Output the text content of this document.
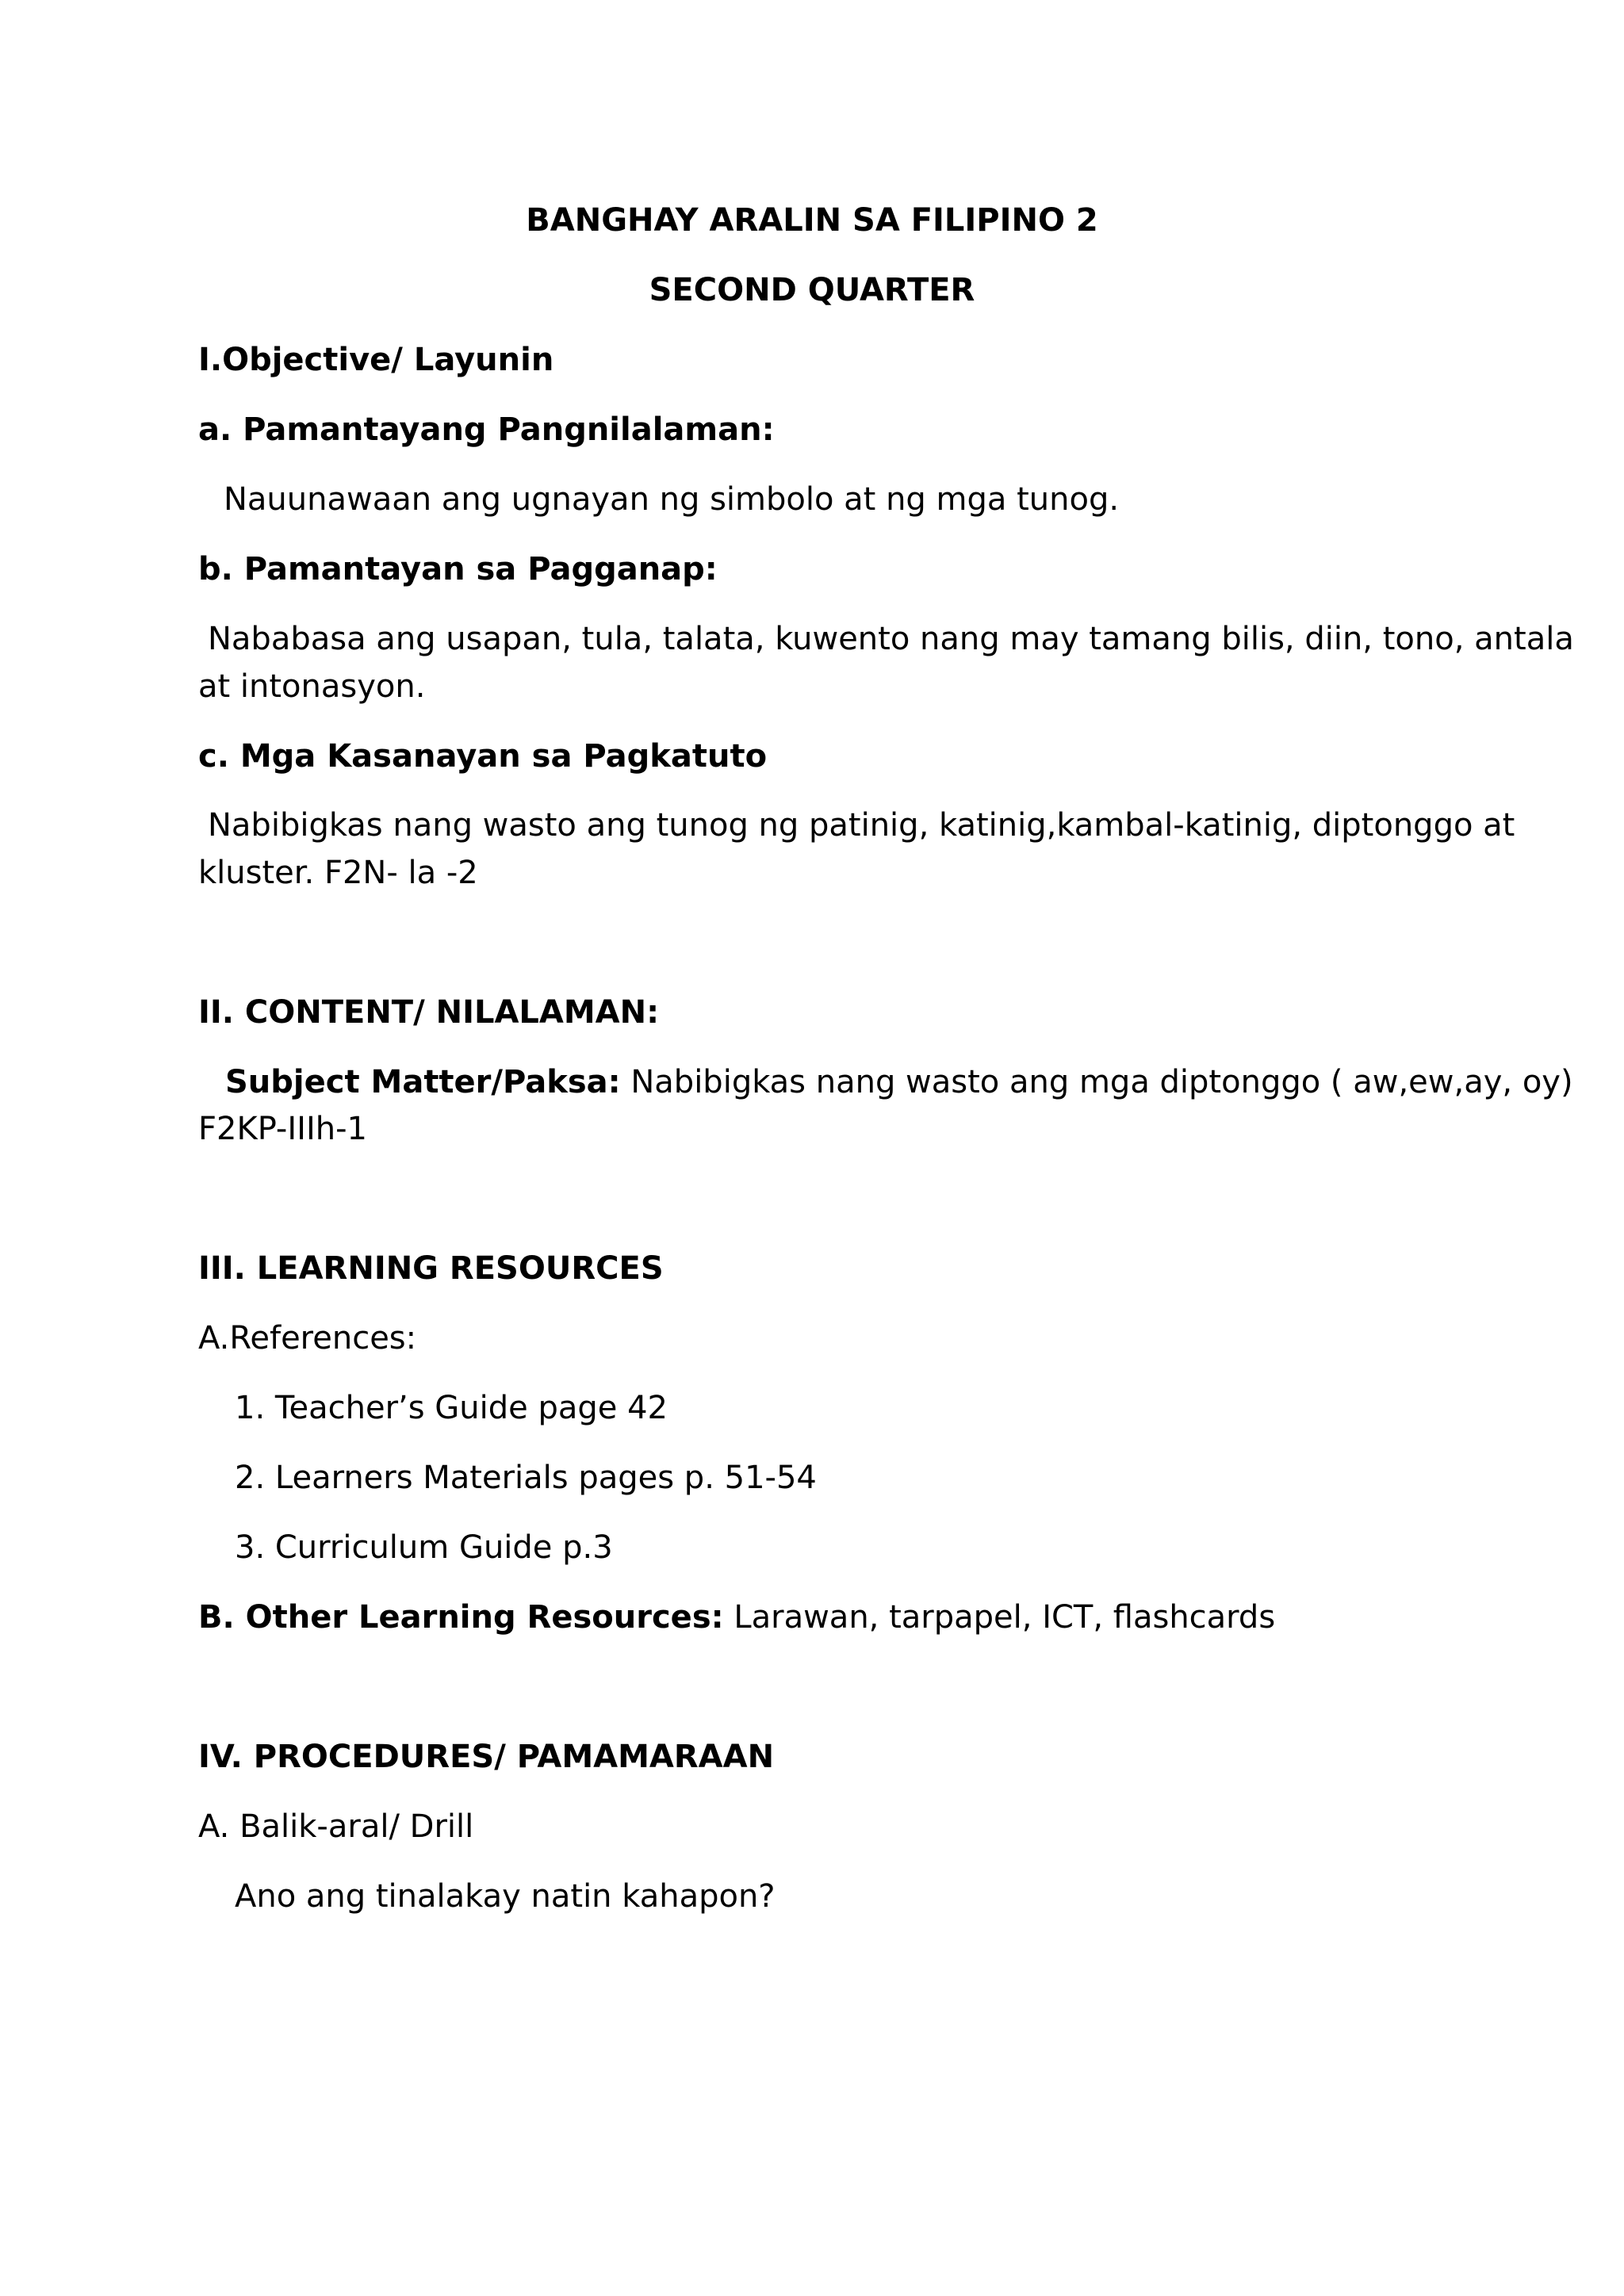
BANGHAY ARALIN SA FILIPINO 2

SECOND QUARTER

I.Objective/ Layunin

a. Pamantayang Pangnilalaman:

Nauunawaan ang ugnayan ng simbolo at ng mga tunog.

b. Pamantayan sa Pagganap:

Nababasa ang usapan, tula, talata, kuwento nang may tamang bilis, diin, tono, antala

at intonasyon.

c. Mga Kasanayan sa Pagkatuto

Nabibigkas nang wasto ang tunog ng patinig, katinig,kambal-katinig, diptonggo at

kluster. F2N- la -2

II. CONTENT/ NILALAMAN:

Subject Matter/Paksa: Nabibigkas nang wasto ang mga diptonggo ( aw,ew,ay, oy)

F2KP-IIIh-1

III. LEARNING RESOURCES

A.References:

1. Teacher’s Guide page 42

2. Learners Materials pages p. 51-54

3. Curriculum Guide p.3

B. Other Learning Resources: Larawan, tarpapel, ICT, flashcards

IV. PROCEDURES/ PAMAMARAAN

A. Balik-aral/ Drill

Ano ang tinalakay natin kahapon?
